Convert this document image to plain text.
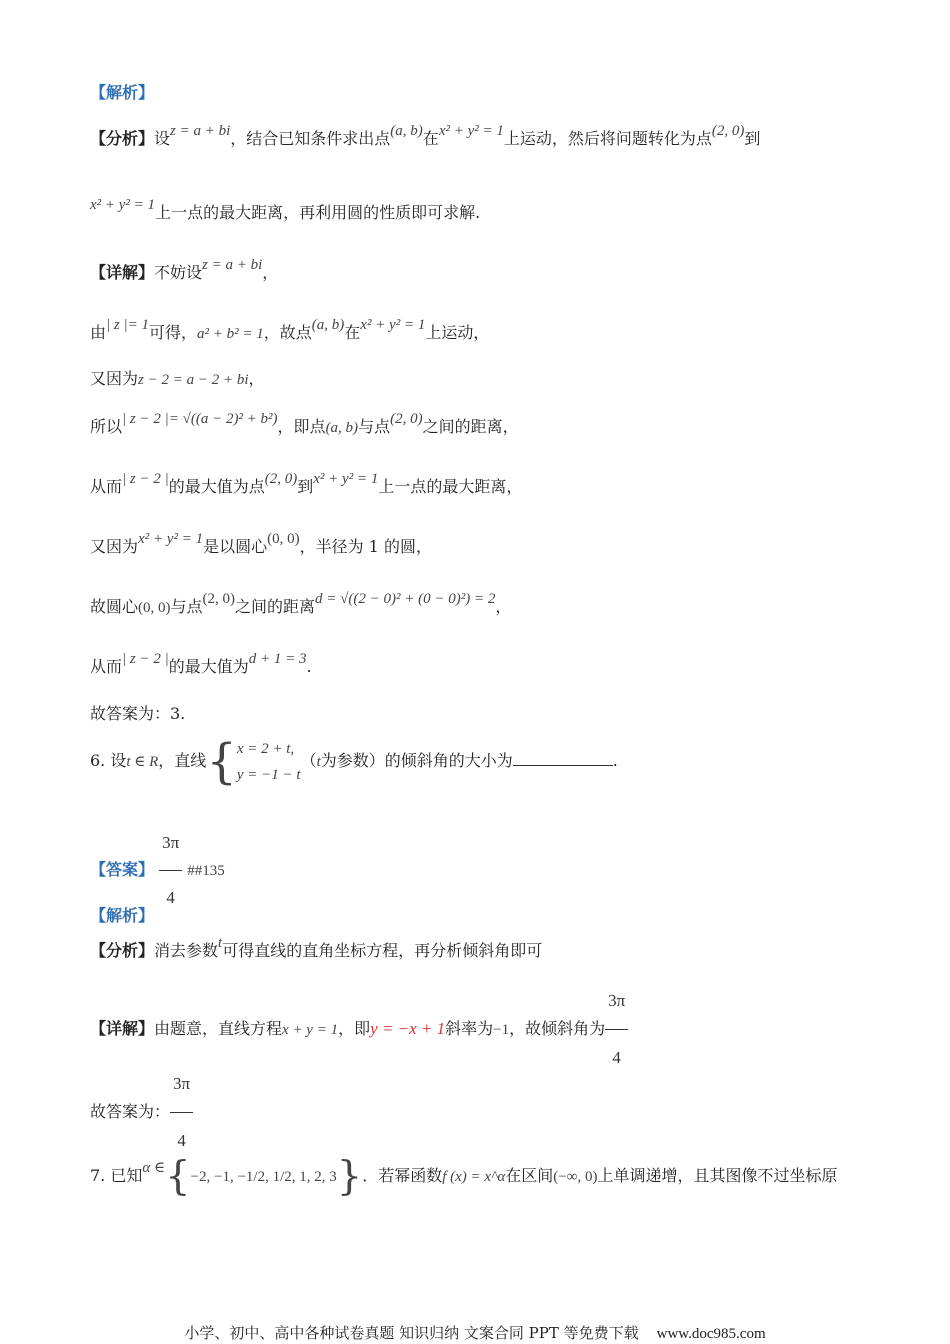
【解析】
【分析】设z = a + bi，结合已知条件求出点(a, b)在x² + y² = 1上运动，然后将问题转化为点(2, 0)到
x² + y² = 1上一点的最大距离，再利用圆的性质即可求解.
【详解】不妨设z = a + bi，
由| z |= 1可得，a² + b² = 1，故点(a, b)在x² + y² = 1上运动，
又因为z − 2 = a − 2 + bi，
所以| z − 2 |= √((a − 2)² + b²)，即点(a, b)与点(2, 0)之间的距离，
从而| z − 2 |的最大值为点(2, 0)到x² + y² = 1上一点的最大距离，
又因为x² + y² = 1是以圆心(0, 0)，半径为 1 的圆，
故圆心(0, 0)与点(2, 0)之间的距离d = √((2 − 0)² + (0 − 0)²) = 2，
从而| z − 2 |的最大值为d + 1 = 3.
故答案为：3.
6. 设t ∈ R，直线{ x = 2 + t,
y = −1 − t
（t为参数）的倾斜角的大小为	.
【答案】 $\frac{3\pi}{4}$ ##135
【解析】
【分析】消去参数t可得直线的直角坐标方程，再分析倾斜角即可
【详解】由题意，直线方程x + y = 1，即y = −x + 1斜率为−1，故倾斜角为 $\frac{3\pi}{4}$
故答案为： $\frac{3\pi}{4}$
7. 已知α ∈{−2, −1, −1/2, 1/2, 1, 2, 3}．若幂函数f (x) = x^α在区间(−∞, 0)上单调递增，且其图像不过坐标原
小学、初中、高中各种试卷真题 知识归纳 文案合同 PPT 等免费下载 www.doc985.com
